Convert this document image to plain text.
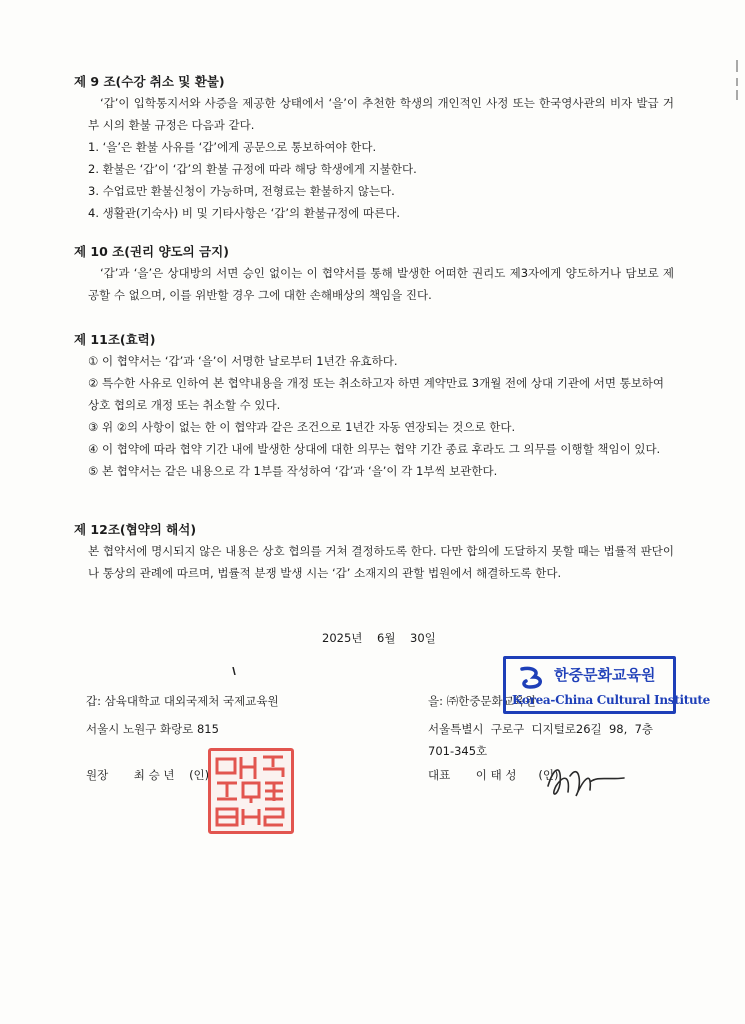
제 9 조(수강 취소 및 환불)

‘갑’이 입학통지서와 사증을 제공한 상태에서 ‘을’이 추천한 학생의 개인적인 사정 또는 한국영사관의 비자 발급 거부 시의 환불 규정은 다음과 같다.

1. ‘을’은 환불 사유를 ‘갑’에게 공문으로 통보하여야 한다.

2. 환불은 ‘갑’이 ‘갑’의 환불 규정에 따라 해당 학생에게 지불한다.

3. 수업료만 환불신청이 가능하며, 전형료는 환불하지 않는다.

4. 생활관(기숙사) 비 및 기타사항은 ‘갑’의 환불규정에 따른다.

제 10 조(권리 양도의 금지)

‘갑’과 ‘을’은 상대방의 서면 승인 없이는 이 협약서를 통해 발생한 어떠한 권리도 제3자에게 양도하거나 담보로 제공할 수 없으며, 이를 위반할 경우 그에 대한 손해배상의 책임을 진다.

제 11조(효력)

① 이 협약서는 ‘갑’과 ‘을’이 서명한 날로부터 1년간 유효하다.

② 특수한 사유로 인하여 본 협약내용을 개정 또는 취소하고자 하면 계약만료 3개월 전에 상대 기관에 서면 통보하여 상호 협의로 개정 또는 취소할 수 있다.

③ 위 ②의 사항이 없는 한 이 협약과 같은 조건으로 1년간 자동 연장되는 것으로 한다.

④ 이 협약에 따라 협약 기간 내에 발생한 상대에 대한 의무는 협약 기간 종료 후라도 그 의무를 이행할 책임이 있다.

⑤ 본 협약서는 같은 내용으로 각 1부를 작성하여 ‘갑’과 ‘을’이 각 1부씩 보관한다.

제 12조(협약의 해석)

본 협약서에 명시되지 않은 내용은 상호 협의를 거쳐 결정하도록 한다. 다만 합의에 도달하지 못할 때는 법률적 판단이나 통상의 관례에 따르며, 법률적 분쟁 발생 시는 ‘갑’ 소재지의 관할 법원에서 해결하도록 한다.

2025년    6월    30일
갑: 삼육대학교 대외국제처 국제교육원
서울시 노원구 화랑로 815
원장       최 승 년    (인)
을: ㈜한중문화교육원
서울특별시  구로구  디지털로26길  98,  7층
701-345호
대표       이 태 성      (인)
한중문화교육원
Korea-China Cultural Institute
